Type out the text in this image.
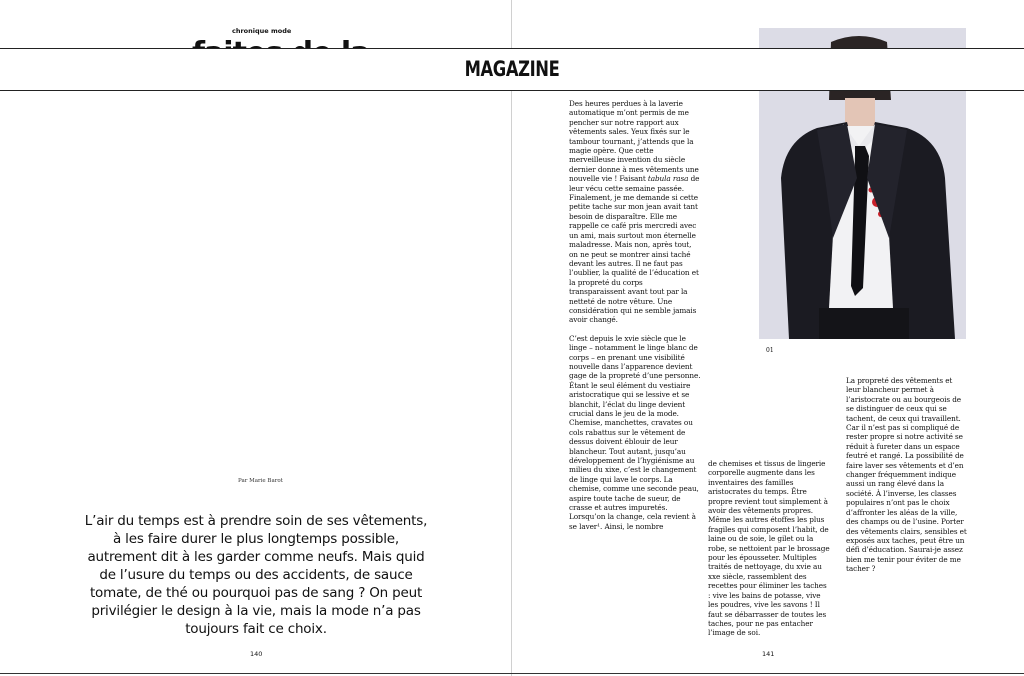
chronique mode
MAGAZINE
Par Marie Barot
L’air du temps est à prendre soin de ses vêtements, à les faire durer le plus longtemps possible, autrement dit à les garder comme neufs. Mais quid de l’usure du temps ou des accidents, de sauce tomate, de thé ou pourquoi pas de sang ? On peut privilégier le design à la vie, mais la mode n’a pas toujours fait ce choix.
140
01

Des heures perdues à la laverie automatique m’ont permis de me pencher sur notre rapport aux vêtements sales. Yeux fixés sur le tambour tournant, j’attends que la magie opère. Que cette merveilleuse invention du siècle dernier donne à mes vêtements une nouvelle vie ! Faisant tabula rasa de leur vécu cette semaine passée. Finalement, je me demande si cette petite tache sur mon jean avait tant besoin de disparaître. Elle me rappelle ce café pris mercredi avec un ami, mais surtout mon éternelle maladresse. Mais non, après tout, on ne peut se montrer ainsi taché devant les autres. Il ne faut pas l’oublier, la qualité de l’éducation et la propreté du corps transparaissent avant tout par la netteté de notre vêture. Une considération qui ne semble jamais avoir changé.

C’est depuis le xvie siècle que le linge – notamment le linge blanc de corps – en prenant une visibilité nouvelle dans l’apparence devient gage de la propreté d’une personne. Étant le seul élément du vestiaire aristocratique qui se lessive et se blanchit, l’éclat du linge devient crucial dans le jeu de la mode. Chemise, manchettes, cravates ou cols rabattus sur le vêtement de dessus doivent éblouir de leur blancheur. Tout autant, jusqu’au développement de l’hygiénisme au milieu du xixe, c’est le changement de linge qui lave le corps. La chemise, comme une seconde peau, aspire toute tache de sueur, de crasse et autres impuretés. Lorsqu’on la change, cela revient à se laver¹. Ainsi, le nombre

de chemises et tissus de lingerie corporelle augmente dans les inventaires des familles aristocrates du temps. Être propre revient tout simplement à avoir des vêtements propres. Même les autres étoffes les plus fragiles qui composent l’habit, de laine ou de soie, le gilet ou la robe, se nettoient par le brossage pour les épousseter. Multiples traités de nettoyage, du xvie au xxe siècle, rassemblent des recettes pour éliminer les taches : vive les bains de potasse, vive les poudres, vive les savons ! Il faut se débarrasser de toutes les taches, pour ne pas entacher l’image de soi.

La propreté des vêtements et leur blancheur permet à l’aristocrate ou au bourgeois de se distinguer de ceux qui se tachent, de ceux qui travaillent. Car il n’est pas si compliqué de rester propre si notre activité se réduit à fureter dans un espace feutré et rangé. La possibilité de faire laver ses vêtements et d’en changer fréquemment indique aussi un rang élevé dans la société. À l’inverse, les classes populaires n’ont pas le choix d’affronter les aléas de la ville, des champs ou de l’usine. Porter des vêtements clairs, sensibles et exposés aux taches, peut être un défi d’éducation. Saurai-je assez bien me tenir pour éviter de me tacher ?

141
